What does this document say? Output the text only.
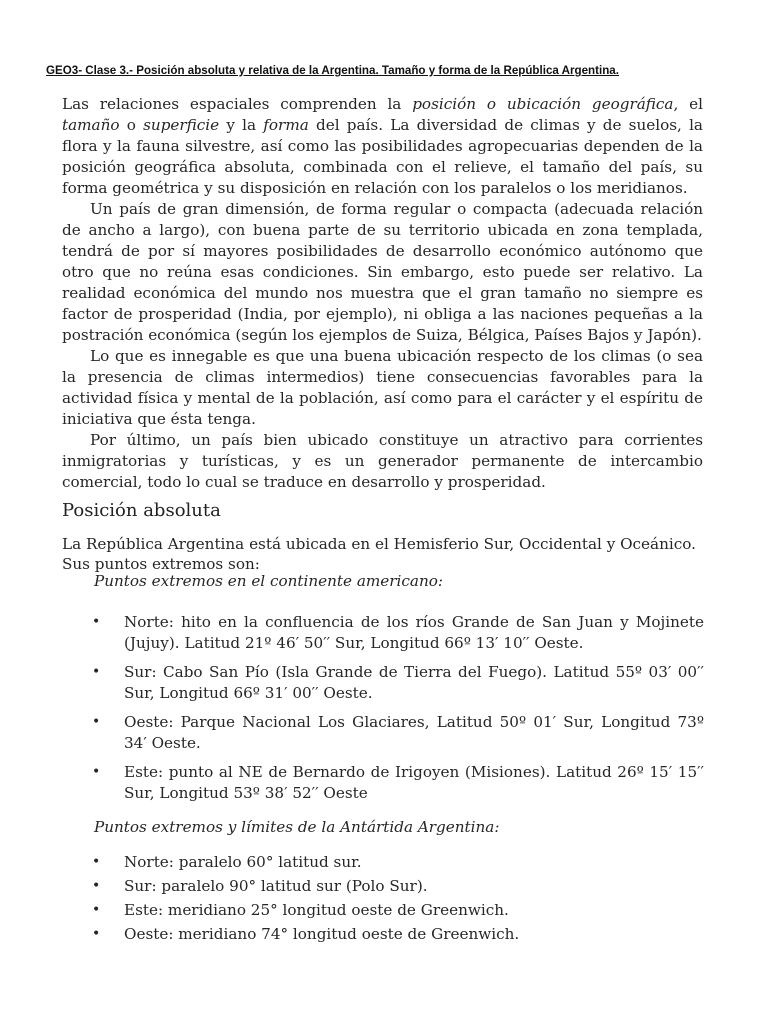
GEO3- Clase 3.- Posición absoluta y relativa de la Argentina. Tamaño y forma de la República Argentina.

Las relaciones espaciales comprenden la posición o ubicación geográfica, el tamaño o superficie y la forma del país. La diversidad de climas y de suelos, la flora y la fauna silvestre, así como las posibilidades agropecuarias dependen de la posición geográfica absoluta, combinada con el relieve, el tamaño del país, su forma geométrica y su disposición en relación con los paralelos o los meridianos.

Un país de gran dimensión, de forma regular o compacta (adecuada relación de ancho a largo), con buena parte de su territorio ubicada en zona templada, tendrá de por sí mayores posibilidades de desarrollo económico autónomo que otro que no reúna esas condiciones. Sin embargo, esto puede ser relativo. La realidad económica del mundo nos muestra que el gran tamaño no siempre es factor de prosperidad (India, por ejemplo), ni obliga a las naciones pequeñas a la postración económica (según los ejemplos de Suiza, Bélgica, Países Bajos y Japón).

Lo que es innegable es que una buena ubicación respecto de los climas (o sea la presencia de climas intermedios) tiene consecuencias favorables para la actividad física y mental de la población, así como para el carácter y el espíritu de iniciativa que ésta tenga.

Por último, un país bien ubicado constituye un atractivo para corrientes inmigratorias y turísticas, y es un generador permanente de intercambio comercial, todo lo cual se traduce en desarrollo y prosperidad.

Posición absoluta
La República Argentina está ubicada en el Hemisferio Sur, Occidental y Oceánico. Sus puntos extremos son:
Puntos extremos en el continente americano:
• Norte: hito en la confluencia de los ríos Grande de San Juan y Mojinete (Jujuy). Latitud 21º 46′ 50′′ Sur, Longitud 66º 13′ 10′′ Oeste.
• Sur: Cabo San Pío (Isla Grande de Tierra del Fuego). Latitud 55º 03′ 00′′ Sur, Longitud 66º 31′ 00′′ Oeste.
• Oeste: Parque Nacional Los Glaciares, Latitud 50º 01′ Sur, Longitud 73º 34′ Oeste.
• Este: punto al NE de Bernardo de Irigoyen (Misiones). Latitud 26º 15′ 15′′ Sur, Longitud 53º 38′ 52′′ Oeste
Puntos extremos y límites de la Antártida Argentina:
• Norte: paralelo 60° latitud sur.
• Sur: paralelo 90° latitud sur (Polo Sur).
• Este: meridiano 25° longitud oeste de Greenwich.
• Oeste: meridiano 74° longitud oeste de Greenwich.
